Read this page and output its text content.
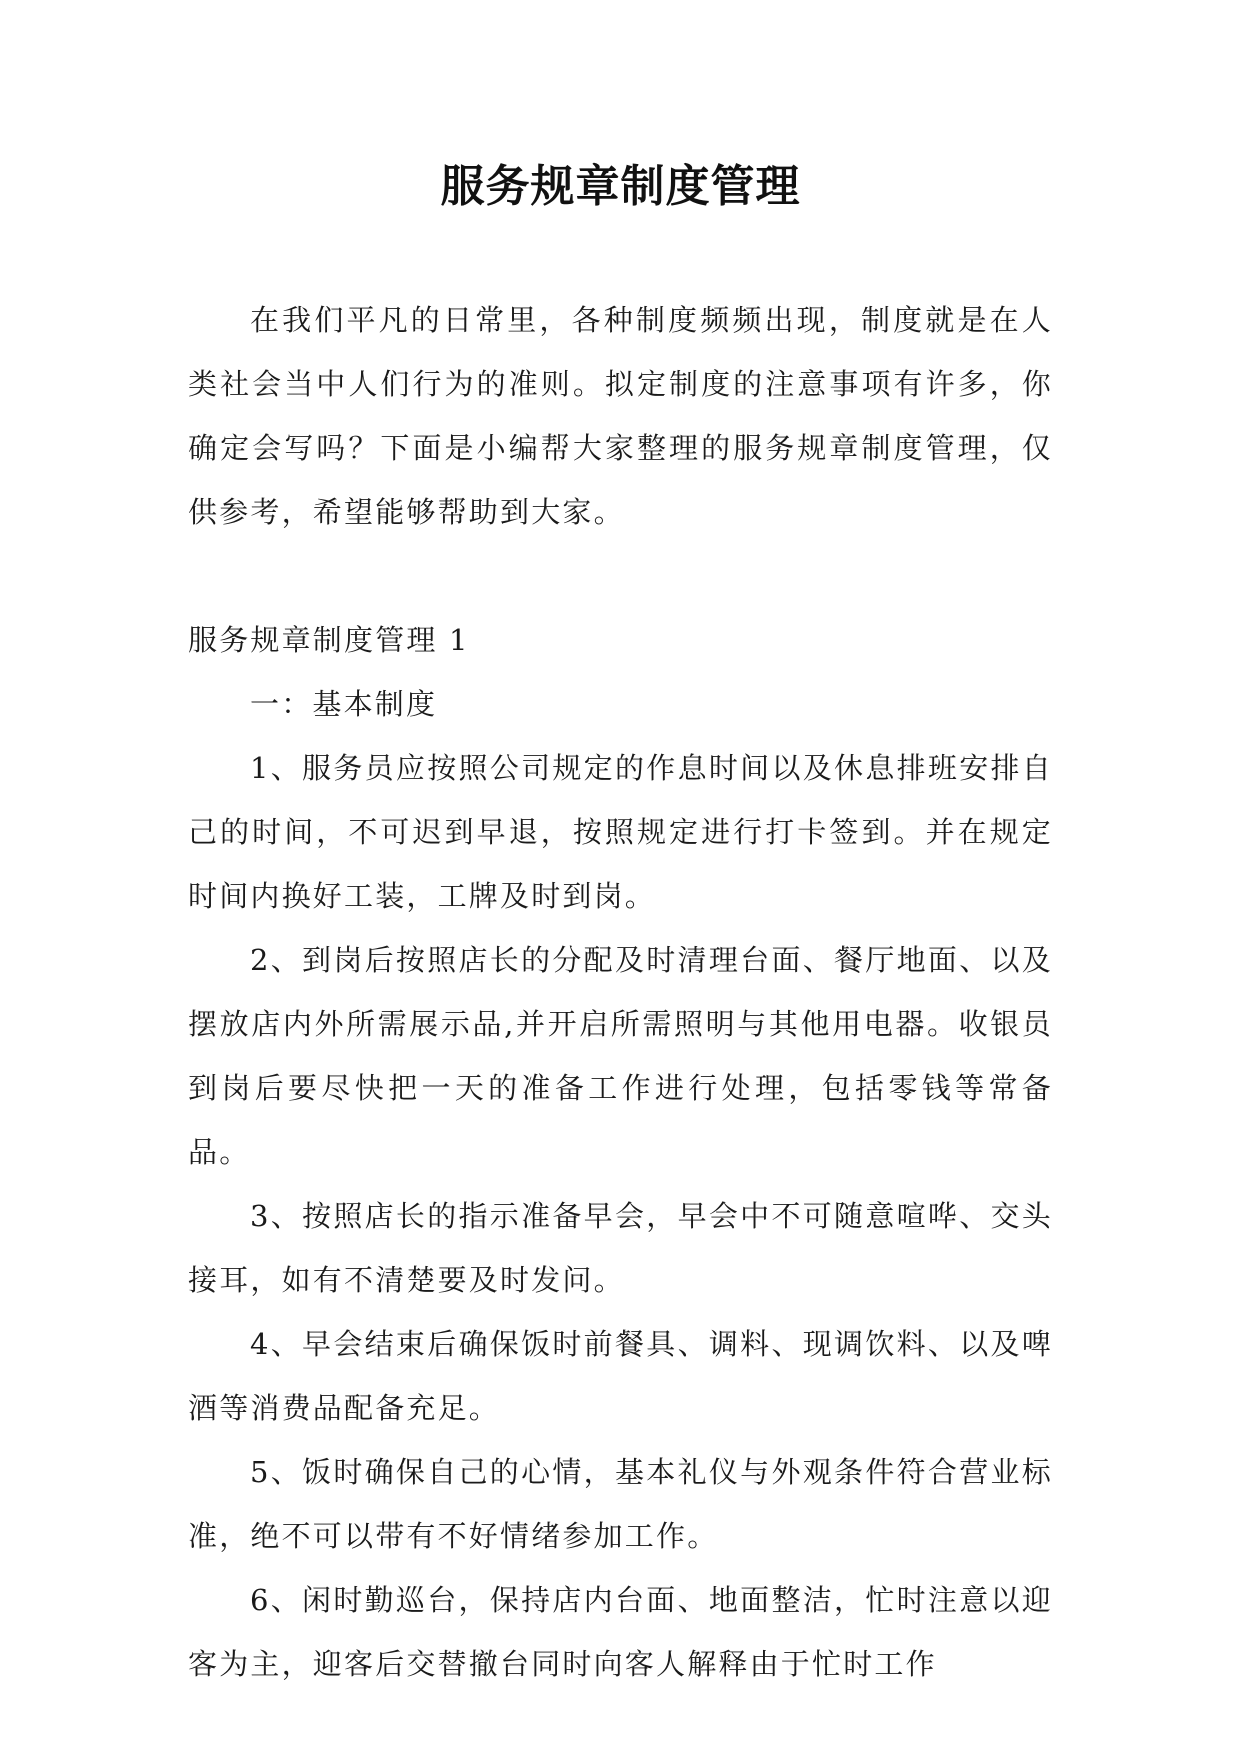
服务规章制度管理

在我们平凡的日常里，各种制度频频出现，制度就是在人类社会当中人们行为的准则。拟定制度的注意事项有许多，你确定会写吗？下面是小编帮大家整理的服务规章制度管理，仅供参考，希望能够帮助到大家。

服务规章制度管理 1

一：基本制度

1、服务员应按照公司规定的作息时间以及休息排班安排自己的时间，不可迟到早退，按照规定进行打卡签到。并在规定时间内换好工装，工牌及时到岗。

2、到岗后按照店长的分配及时清理台面、餐厅地面、以及摆放店内外所需展示品,并开启所需照明与其他用电器。收银员到岗后要尽快把一天的准备工作进行处理，包括零钱等常备品。

3、按照店长的指示准备早会，早会中不可随意喧哗、交头接耳，如有不清楚要及时发问。

4、早会结束后确保饭时前餐具、调料、现调饮料、以及啤酒等消费品配备充足。

5、饭时确保自己的心情，基本礼仪与外观条件符合营业标准，绝不可以带有不好情绪参加工作。

6、闲时勤巡台，保持店内台面、地面整洁，忙时注意以迎客为主，迎客后交替撤台同时向客人解释由于忙时工作
